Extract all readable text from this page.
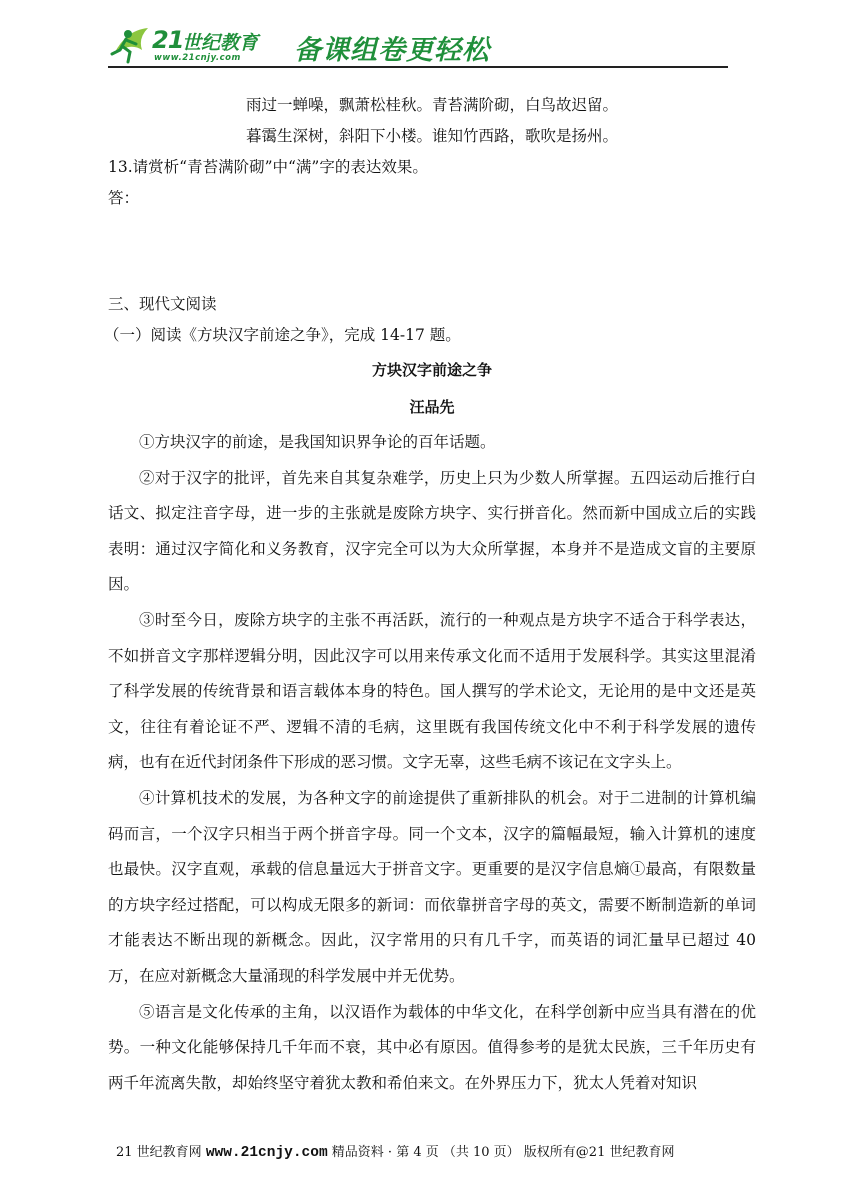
21
世纪教育
www.21cnjy.com 备课组卷更轻松

雨过一蝉噪，飘萧松桂秋。青苔满阶砌，白鸟故迟留。

暮霭生深树，斜阳下小楼。谁知竹西路，歌吹是扬州。

13.请赏析“青苔满阶砌”中“满”字的表达效果。

答：

三、现代文阅读

（一）阅读《方块汉字前途之争》，完成 14-17 题。

方块汉字前途之争

汪品先

①方块汉字的前途，是我国知识界争论的百年话题。

②对于汉字的批评，首先来自其复杂难学，历史上只为少数人所掌握。五四运动后推行白话文、拟定注音字母，进一步的主张就是废除方块字、实行拼音化。然而新中国成立后的实践表明：通过汉字简化和义务教育，汉字完全可以为大众所掌握，本身并不是造成文盲的主要原因。

③时至今日，废除方块字的主张不再活跃，流行的一种观点是方块字不适合于科学表达，不如拼音文字那样逻辑分明，因此汉字可以用来传承文化而不适用于发展科学。其实这里混淆了科学发展的传统背景和语言载体本身的特色。国人撰写的学术论文，无论用的是中文还是英文，往往有着论证不严、逻辑不清的毛病，这里既有我国传统文化中不利于科学发展的遗传病，也有在近代封闭条件下形成的恶习惯。文字无辜，这些毛病不该记在文字头上。

④计算机技术的发展，为各种文字的前途提供了重新排队的机会。对于二进制的计算机编码而言，一个汉字只相当于两个拼音字母。同一个文本，汉字的篇幅最短，输入计算机的速度也最快。汉字直观，承载的信息量远大于拼音文字。更重要的是汉字信息熵①最高，有限数量的方块字经过搭配，可以构成无限多的新词：而依靠拼音字母的英文，需要不断制造新的单词才能表达不断出现的新概念。因此，汉字常用的只有几千字，而英语的词汇量早已超过 40 万，在应对新概念大量涌现的科学发展中并无优势。

⑤语言是文化传承的主角，以汉语作为载体的中华文化，在科学创新中应当具有潜在的优势。一种文化能够保持几千年而不衰，其中必有原因。值得参考的是犹太民族，三千年历史有两千年流离失散，却始终坚守着犹太教和希伯来文。在外界压力下，犹太人凭着对知识

21 世纪教育网 www.21cnjy.com 精品资料 · 第 4 页 （共 10 页） 版权所有@21 世纪教育网
